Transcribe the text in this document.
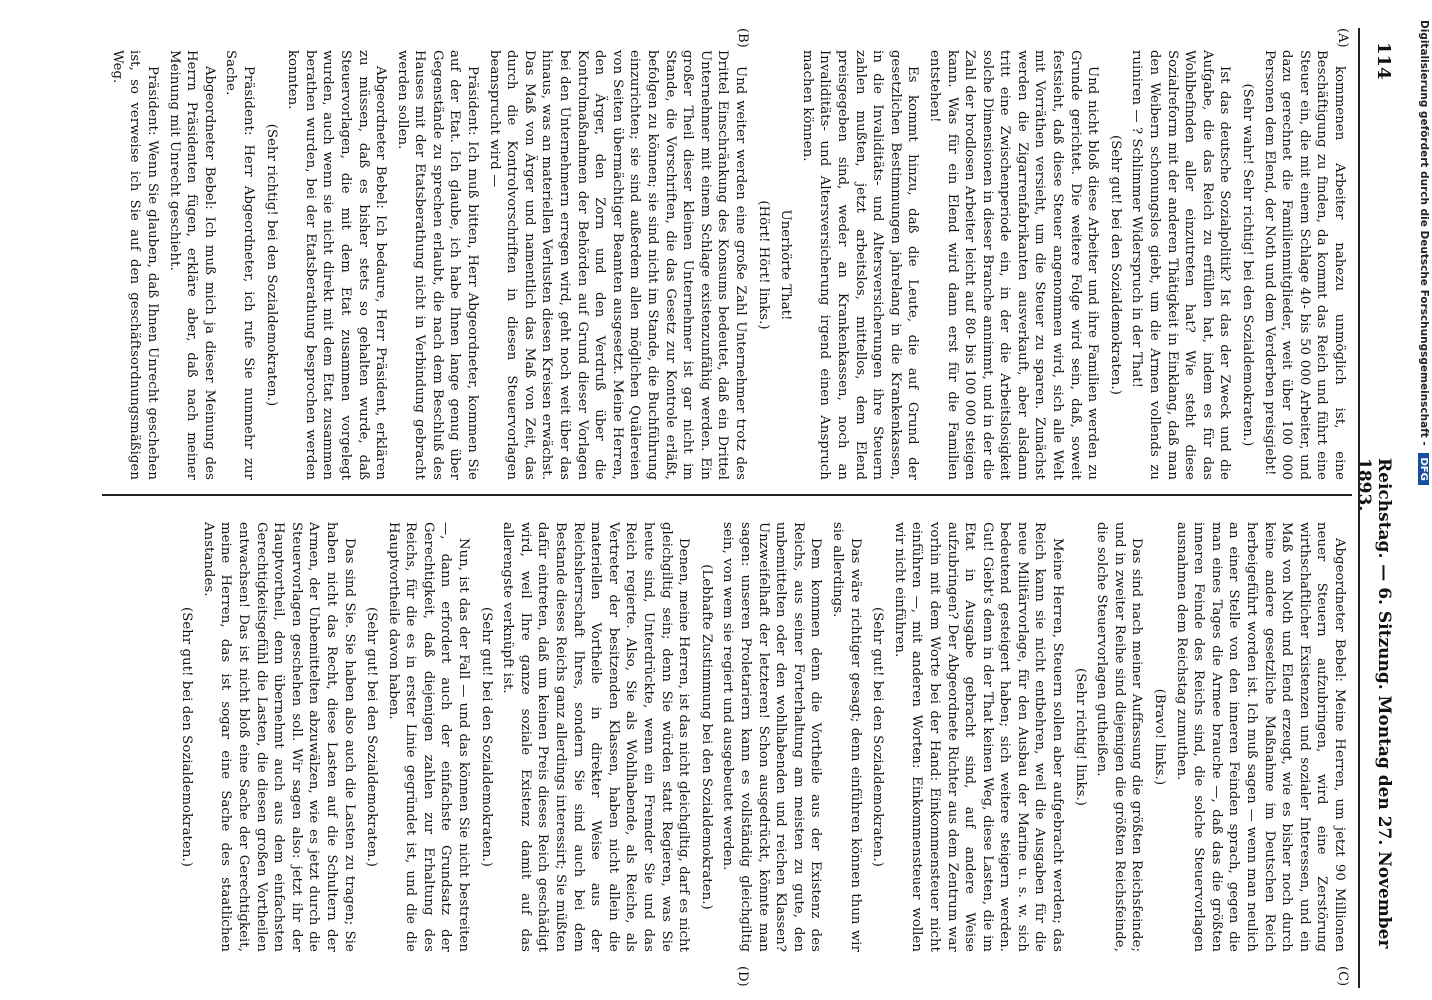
114
Reichstag. — 6. Sitzung. Montag den 27. November 1893.
(A)
(B)
(C)
(D)

kommenen Arbeiter nahezu unmöglich ist, eine Beschäftigung zu finden, da kommt das Reich und führt eine Steuer ein, die mit einem Schlage 40- bis 50 000 Arbeiter, und dazu gerechnet die Familienmitglieder, weit über 100 000 Personen dem Elend, der Noth und dem Verderben preisgiebt!

(Sehr wahr! Sehr richtig! bei den Sozialdemokraten.)

Ist das deutsche Sozialpolitik? Ist das der Zweck und die Aufgabe, die das Reich zu erfüllen hat, indem es für das Wohlbefinden aller einzutreten hat? Wie steht diese Sozialreform mit der anderen Thätigkeit in Einklang, daß man den Weibern schonungslos giebt, um die Armen vollends zu ruiniren — ? Schlimmer Widerspruch in der That!

(Sehr gut! bei den Sozialdemokraten.)

Und nicht bloß diese Arbeiter und ihre Familien werden zu Grunde gerichtet. Die weitere Folge wird sein, daß, soweit festsieht, daß diese Steuer angenommen wird, sich alle Welt mit Vorräthen versieht, um die Steuer zu sparen. Zunächst werden die Zigarrenfabrikanten ausverkauft, aber alsdann tritt eine Zwischenperiode ein, in der die Arbeitslosigkeit solche Dimensionen in dieser Branche annimmt, und in der die Zahl der brodlosen Arbeiter leicht auf 80- bis 100 000 steigen kann. Was für ein Elend wird dann erst für die Familien entstehen!

Es kommt hinzu, daß die Leute, die auf Grund der gesetzlichen Bestimmungen jahrelang in die Krankenkassen, in die Invaliditäts- und Altersversicherungen ihre Steuern zahlen mußten, jetzt arbeitslos, mittellos, dem Elend preisgegeben sind, weder an Krankenkassen, noch an Invaliditäts- und Altersversicherung irgend einen Anspruch machen können.

Unerhörte That!

(Hört! Hört! links.)

Und weiter werden eine große Zahl Unternehmer trotz des Drittel Einschränkung des Konsums bedeutet, daß ein Drittel Unternehmer mit einem Schlage existenzunfähig werden. Ein großer Theil dieser kleinen Unternehmer ist gar nicht im Stande, die Vorschriften, die das Gesetz zur Kontrole erläßt, befolgen zu können; sie sind nicht im Stande, die Buchführung einzurichten; sie sind außerdem allen möglichen Quälereien von Seiten übermächtiger Beamten ausgesetzt. Meine Herren, den Ärger, den Zorn und den Verdruß über die Kontrolmaßnahmen der Behörden auf Grund dieser Vorlagen bei den Unternehmern erregen wird, geht noch weit über das hinaus, was an materiellen Verlusten diesen Kreisen erwächst. Das Maß von Ärger und namentlich das Maß von Zeit, das durch die Kontrolvorschriften in diesen Steuervorlagen beansprucht wird —

Präsident: Ich muß bitten, Herr Abgeordneter, kommen Sie auf der Etat. Ich glaube, ich habe Ihnen lange genug über Gegenstände zu sprechen erlaubt, die nach dem Beschluß des Hauses mit der Etatsberathung nicht in Verbindung gebracht werden sollen.

Abgeordneter Bebel: Ich bedaure, Herr Präsident, erklären zu müssen, daß es bisher stets so gehalten wurde, daß Steuervorlagen, die mit dem Etat zusammen vorgelegt wurden, auch wenn sie nicht direkt mit dem Etat zusammen berathen wurden, bei der Etatsberathung besprochen werden konnten.

(Sehr richtig! bei den Sozialdemokraten.)

Präsident: Herr Abgeordneter, ich rufe Sie nunmehr zur Sache.

Abgeordneter Bebel: Ich muß mich ja dieser Meinung des Herrn Präsidenten fügen, erkläre aber, daß nach meiner Meinung mit Unrecht geschieht.

Präsident: Wenn Sie glauben, daß Ihnen Unrecht geschehen ist, so verweise ich Sie auf den geschäftsordnungsmäßigen Weg.

Abgeordneter Bebel: Meine Herren, um jetzt 90 Millionen neuer Steuern aufzubringen, wird eine Zerstörung wirthschaftlicher Existenzen und sozialer Interessen, und ein Maß von Noth und Elend erzeugt, wie es bisher noch durch keine andere gesetzliche Maßnahme im Deutschen Reich herbeigeführt worden ist. Ich muß sagen — wenn man neulich an einer Stelle von den inneren Feinden sprach, gegen die man eines Tages die Armee brauche —, daß das die größten inneren Feinde des Reichs sind, die solche Steuervorlagen ausnahmen dem Reichstag zumuthen.

(Bravo! links.)

Das sind nach meiner Auffassung die größten Reichsfeinde; und in zweiter Reihe sind diejenigen die größten Reichsfeinde, die solche Steuervorlagen gutheißen.

(Sehr richtig! links.)

Meine Herren, Steuern sollen aber aufgebracht werden; das Reich kann sie nicht entbehren, weil die Ausgaben für die neue Militärvorlage, für den Ausbau der Marine u. s. w. sich bedeutend gesteigert haben; sich weitere steigern werden. Gut! Giebt's denn in der That keinen Weg, diese Lasten, die im Etat in Ausgabe gebracht sind, auf andere Weise aufzubringen? Der Abgeordnete Richter aus dem Zentrum war vorhin mit dem Worte bei der Hand: Einkommensteuer nicht einführen —, mit anderen Worten: Einkommensteuer wollen wir nicht einführen.

(Sehr gut! bei den Sozialdemokraten.)

Das wäre richtiger gesagt; denn einführen können thun wir sie allerdings.

Dem kommen denn die Vortheile aus der Existenz des Reichs, aus seiner Forterhaltung am meisten zu gute, den unbemittelten oder den wohlhabenden und reichen Klassen? Unzweifelhaft der letzteren! Schon ausgedrückt, könnte man sagen: unseren Proletariern kann es vollständig gleichgiltig sein, von wem sie regiert und ausgebeutet werden.

(Lebhafte Zustimmung bei den Sozialdemokraten.)

Denen, meine Herren, ist das nicht gleichgiltig, darf es nicht gleichgiltig sein; denn Sie würden statt Regieren, was Sie heute sind, Unterdrückte, wenn ein Fremder Sie und das Reich regierte. Also, Sie als Wohlhabende, als Reiche, als Vertreter der besitzenden Klassen, haben nicht allein die materiellen Vortheile in direkter Weise aus der Reichsherrschaft Ihres, sondern Sie sind auch bei dem Bestande dieses Reichs ganz allerdings interessirt; Sie müßten dafür eintreten, daß um keinen Preis dieses Reich geschädigt wird, weil Ihre ganze soziale Existenz damit auf das allerengste verknüpft ist.

(Sehr gut! bei den Sozialdemokraten.)

Nun, ist das der Fall — und das können Sie nicht bestreiten —, dann erfordert auch der einfachste Grundsatz der Gerechtigkeit, daß diejenigen zahlen zur Erhaltung des Reichs, für die es in erster Linie gegründet ist, und die die Hauptvortheile davon haben.

(Sehr gut! bei den Sozialdemokraten.)

Das sind Sie. Sie haben also auch die Lasten zu tragen; Sie haben nicht das Recht, diese Lasten auf die Schultern der Armen, der Unbemittelten abzuwälzen, wie es jetzt durch die Steuervorlagen geschehen soll. Wir sagen also: jetzt ihr der Hauptvortheil, denn übernehmt auch aus dem einfachsten Gerechtigkeitsgefühl die Lasten, die diesen großen Vortheilen entwachsen! Das ist nicht bloß eine Sache der Gerechtigkeit, meine Herren, das ist sogar eine Sache des staatlichen Anstandes.

(Sehr gut! bei den Sozialdemokraten.)

Digitalisierung gefördert durch die Deutsche Forschungsgemeinschaft - DFG
